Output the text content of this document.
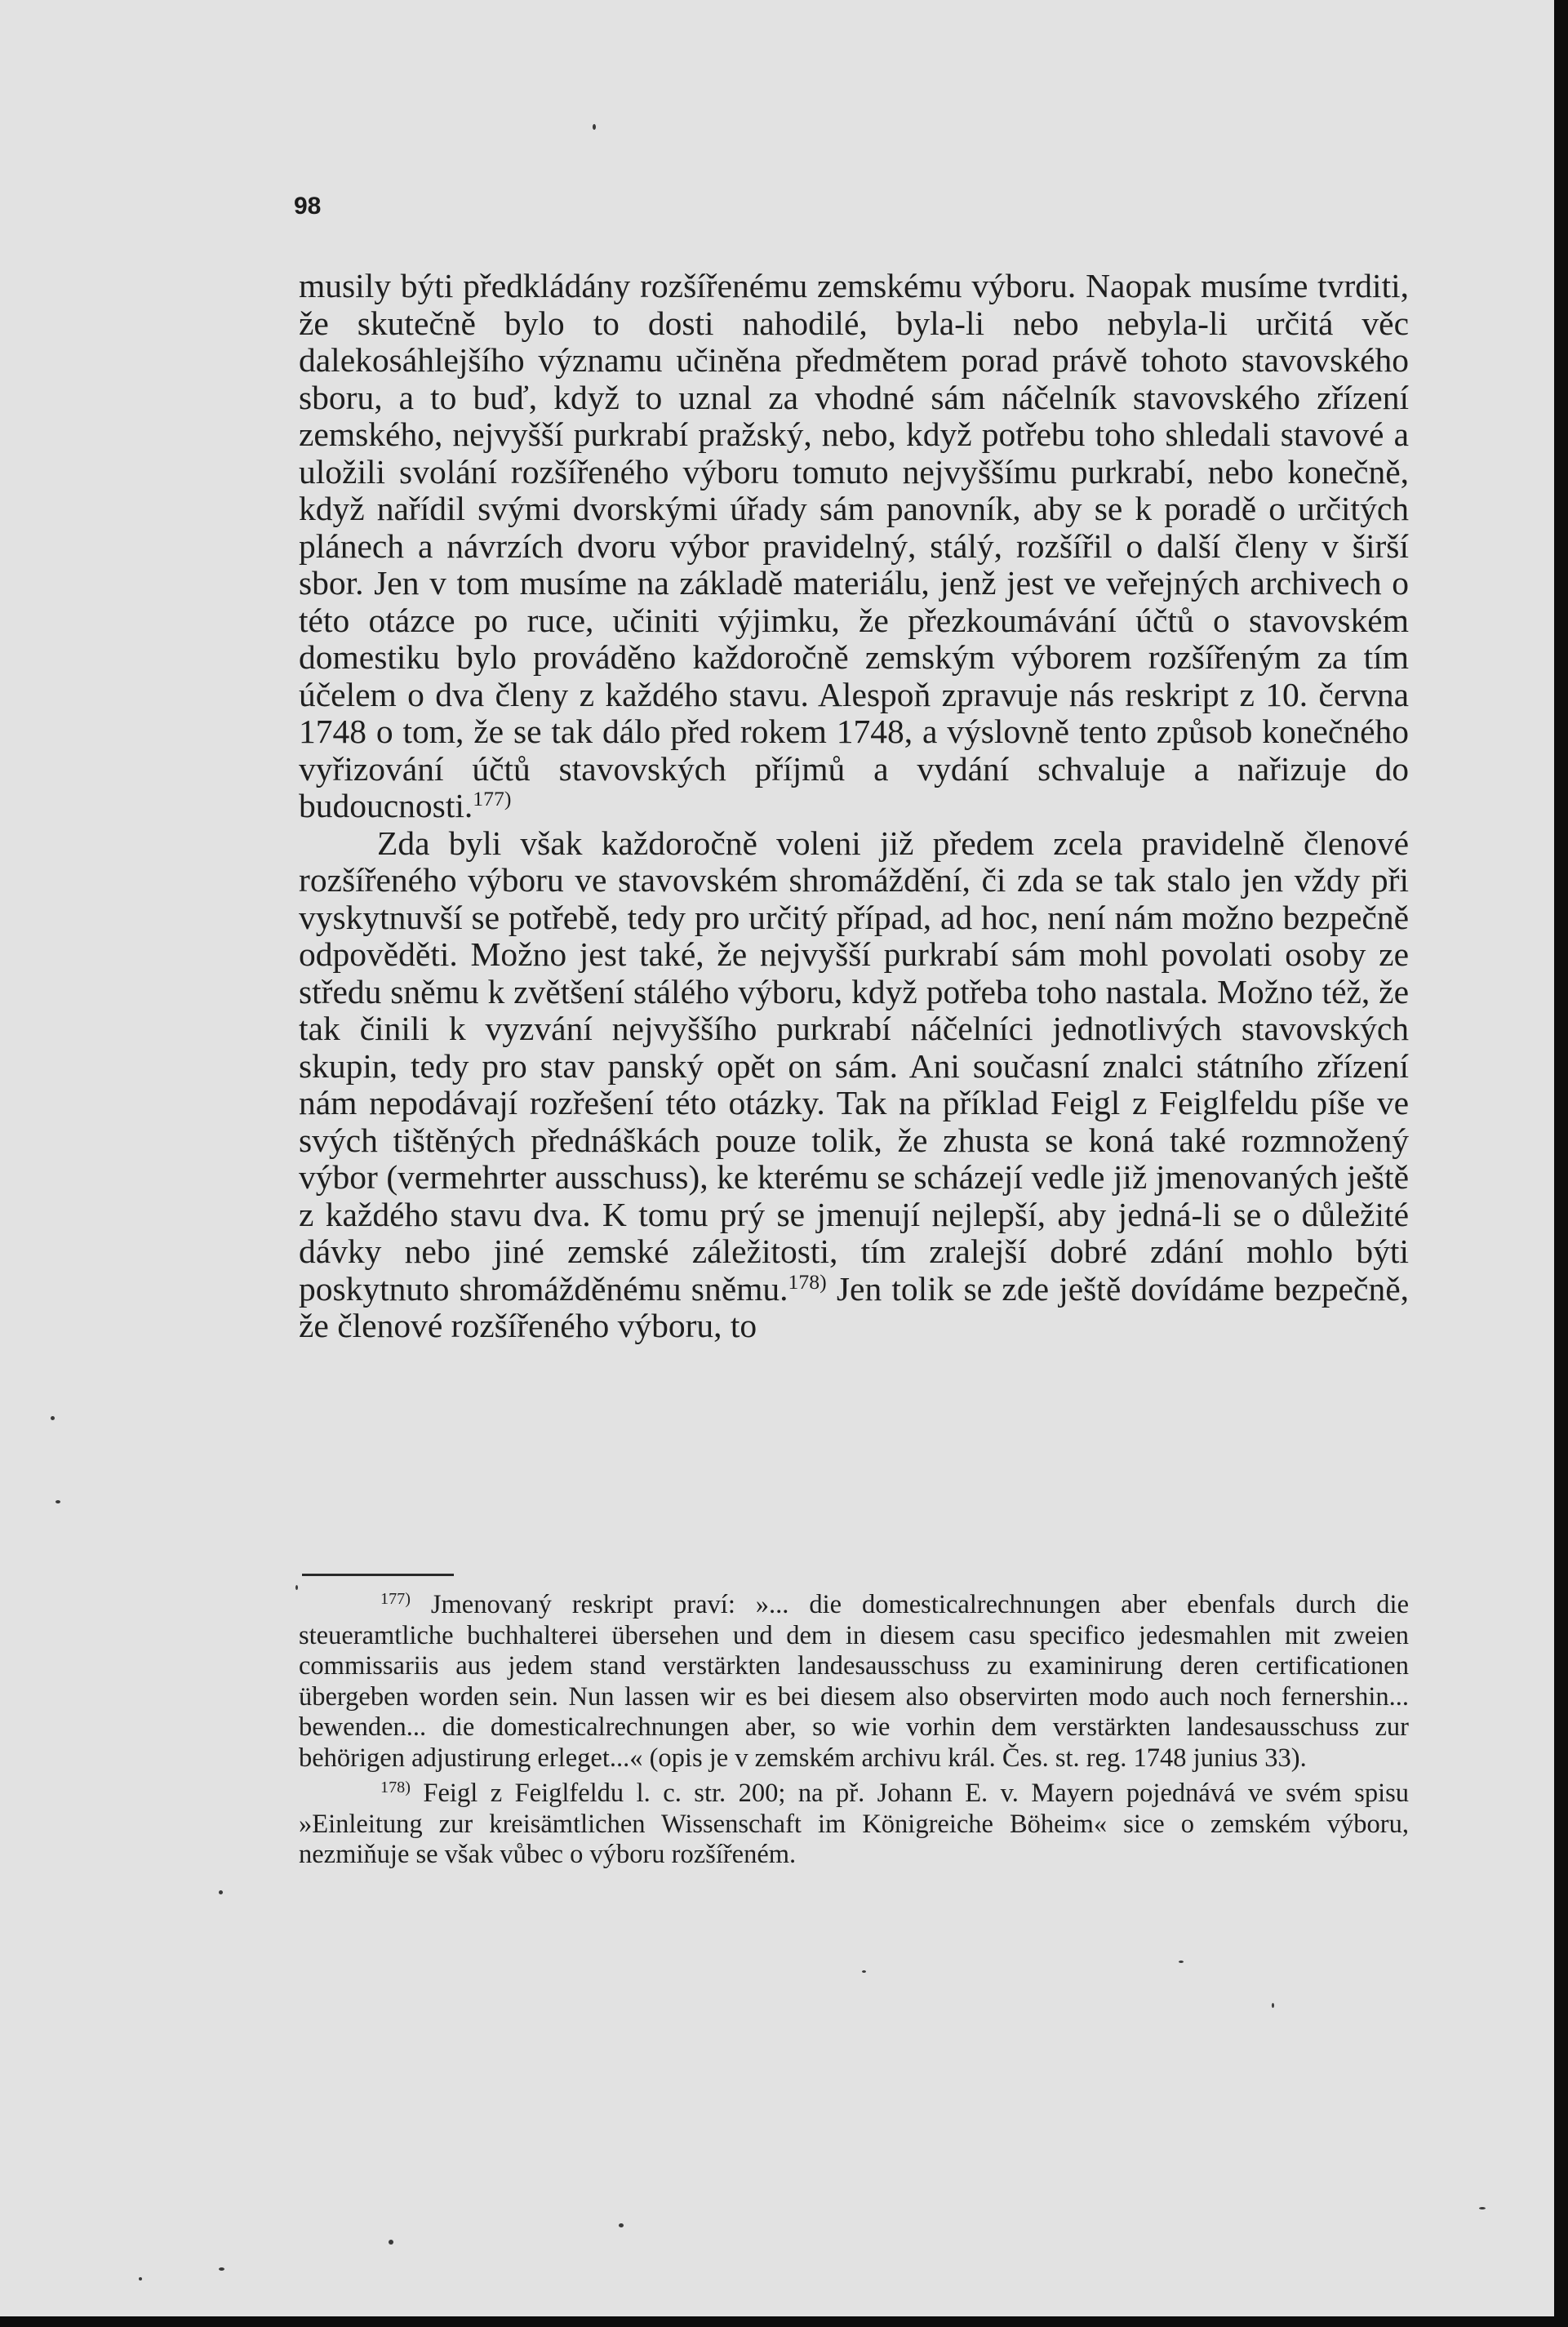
98

musily býti předkládány rozšířenému zemskému výboru. Naopak musíme tvrditi, že skutečně bylo to dosti nahodilé, byla-li nebo nebyla-li určitá věc dalekosáhlejšího významu učiněna předmětem porad právě tohoto stavovského sboru, a to buď, když to uznal za vhodné sám náčelník stavovského zřízení zemského, nejvyšší purkrabí pražský, nebo, když potřebu toho shledali stavové a uložili svolání rozšířeného výboru tomuto nejvyššímu purkrabí, nebo konečně, když nařídil svými dvorskými úřady sám panovník, aby se k poradě o určitých plánech a návrzích dvoru výbor pravidelný, stálý, rozšířil o další členy v širší sbor. Jen v tom musíme na základě materiálu, jenž jest ve veřejných archivech o této otázce po ruce, učiniti výjimku, že přezkoumávání účtů o stavovském domestiku bylo prováděno každoročně zemským výborem rozšířeným za tím účelem o dva členy z každého stavu. Alespoň zpravuje nás reskript z 10. června 1748 o tom, že se tak dálo před rokem 1748, a výslovně tento způsob konečného vyřizování účtů stavovských příjmů a vydání schvaluje a nařizuje do budoucnosti.$^{177)}$

Zda byli však každoročně voleni již předem zcela pravidelně členové rozšířeného výboru ve stavovském shromáždění, či zda se tak stalo jen vždy při vyskytnuvší se potřebě, tedy pro určitý případ, ad hoc, není nám možno bezpečně odpověděti. Možno jest také, že nejvyšší purkrabí sám mohl povolati osoby ze středu sněmu k zvětšení stálého výboru, když potřeba toho nastala. Možno též, že tak činili k vyzvání nejvyššího purkrabí náčelníci jednotlivých stavovských skupin, tedy pro stav panský opět on sám. Ani současní znalci státního zřízení nám nepodávají rozřešení této otázky. Tak na příklad Feigl z Feiglfeldu píše ve svých tištěných přednáškách pouze tolik, že zhusta se koná také rozmnožený výbor (vermehrter ausschuss), ke kterému se scházejí vedle již jmenovaných ještě z každého stavu dva. K tomu prý se jmenují nejlepší, aby jedná-li se o důležité dávky nebo jiné zemské záležitosti, tím zralejší dobré zdání mohlo býti poskytnuto shromážděnému sněmu.$^{178)}$ Jen tolik se zde ještě dovídáme bezpečně, že členové rozšířeného výboru, to

$^{177)}$ Jmenovaný reskript praví: »... die domesticalrechnungen aber ebenfals durch die steueramtliche buchhalterei übersehen und dem in diesem casu specifico jedesmahlen mit zweien commissariis aus jedem stand verstärkten landesausschuss zu examinirung deren certificationen übergeben worden sein. Nun lassen wir es bei diesem also observirten modo auch noch fernershin... bewenden... die domesticalrechnungen aber, so wie vorhin dem verstärkten landesausschuss zur behörigen adjustirung erleget...« (opis je v zemském archivu král. Čes. st. reg. 1748 junius 33).

$^{178)}$ Feigl z Feiglfeldu l. c. str. 200; na př. Johann E. v. Mayern pojednává ve svém spisu »Einleitung zur kreisämtlichen Wissenschaft im Königreiche Böheim« sice o zemském výboru, nezmiňuje se však vůbec o výboru rozšířeném.
